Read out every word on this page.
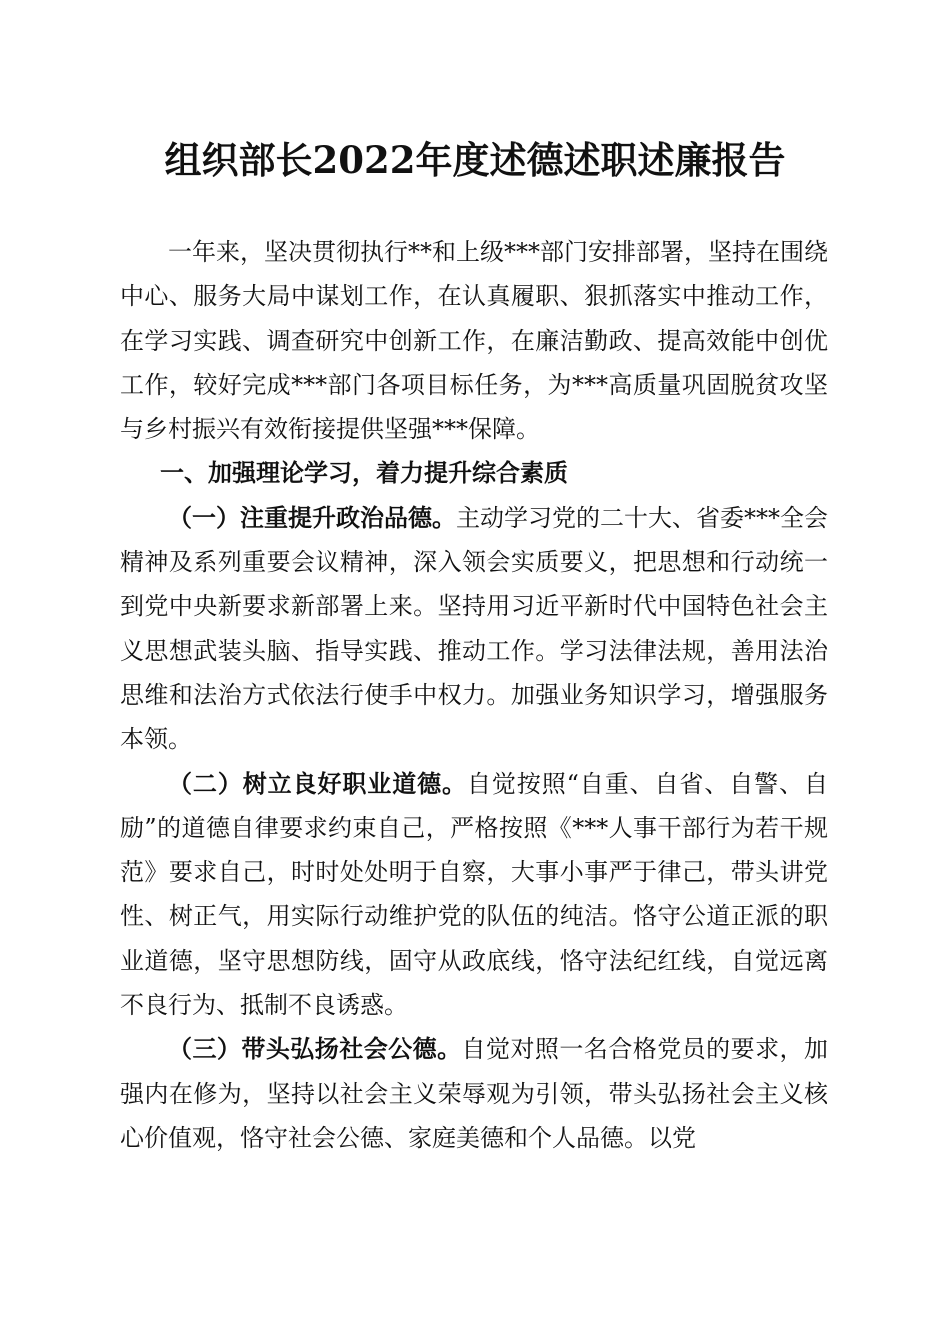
组织部长2022年度述德述职述廉报告

一年来，坚决贯彻执行**和上级***部门安排部署，坚持在围绕中心、服务大局中谋划工作，在认真履职、狠抓落实中推动工作，在学习实践、调查研究中创新工作，在廉洁勤政、提高效能中创优工作，较好完成***部门各项目标任务，为***高质量巩固脱贫攻坚与乡村振兴有效衔接提供坚强***保障。

一、加强理论学习，着力提升综合素质

（一）注重提升政治品德。主动学习党的二十大、省委***全会精神及系列重要会议精神，深入领会实质要义，把思想和行动统一到党中央新要求新部署上来。坚持用习近平新时代中国特色社会主义思想武装头脑、指导实践、推动工作。学习法律法规，善用法治思维和法治方式依法行使手中权力。加强业务知识学习，增强服务本领。

（二）树立良好职业道德。自觉按照“自重、自省、自警、自励”的道德自律要求约束自己，严格按照《***人事干部行为若干规范》要求自己，时时处处明于自察，大事小事严于律己，带头讲党性、树正气，用实际行动维护党的队伍的纯洁。恪守公道正派的职业道德，坚守思想防线，固守从政底线，恪守法纪红线，自觉远离不良行为、抵制不良诱惑。

（三）带头弘扬社会公德。自觉对照一名合格党员的要求，加强内在修为，坚持以社会主义荣辱观为引领，带头弘扬社会主义核心价值观，恪守社会公德、家庭美德和个人品德。以党
